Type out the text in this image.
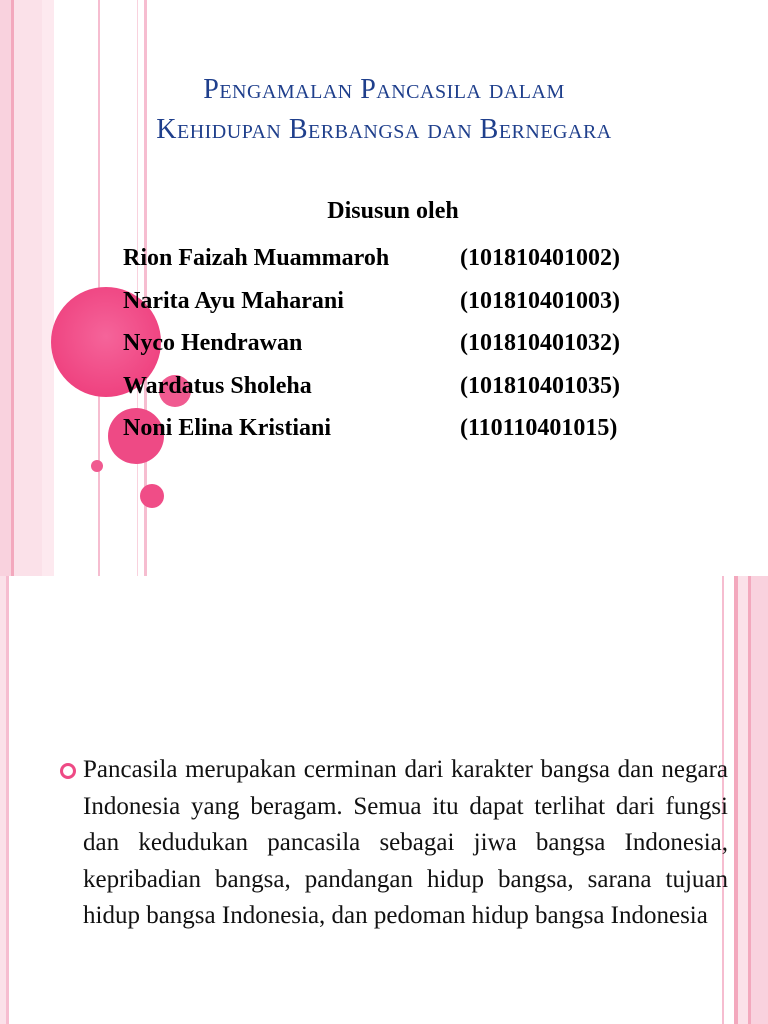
Pengamalan Pancasila dalam
Kehidupan Berbangsa dan Bernegara
Disusun oleh
Rion Faizah Muammaroh	(101810401002)
Narita Ayu Maharani	(101810401003)
Nyco Hendrawan	(101810401032)
Wardatus Sholeha	(101810401035)
Noni Elina Kristiani	(110110401015)
Pancasila merupakan cerminan dari karakter bangsa dan negara Indonesia yang beragam. Semua itu dapat terlihat dari fungsi dan kedudukan pancasila sebagai jiwa bangsa Indonesia, kepribadian bangsa, pandangan hidup bangsa, sarana tujuan hidup bangsa Indonesia, dan pedoman hidup bangsa Indonesia
